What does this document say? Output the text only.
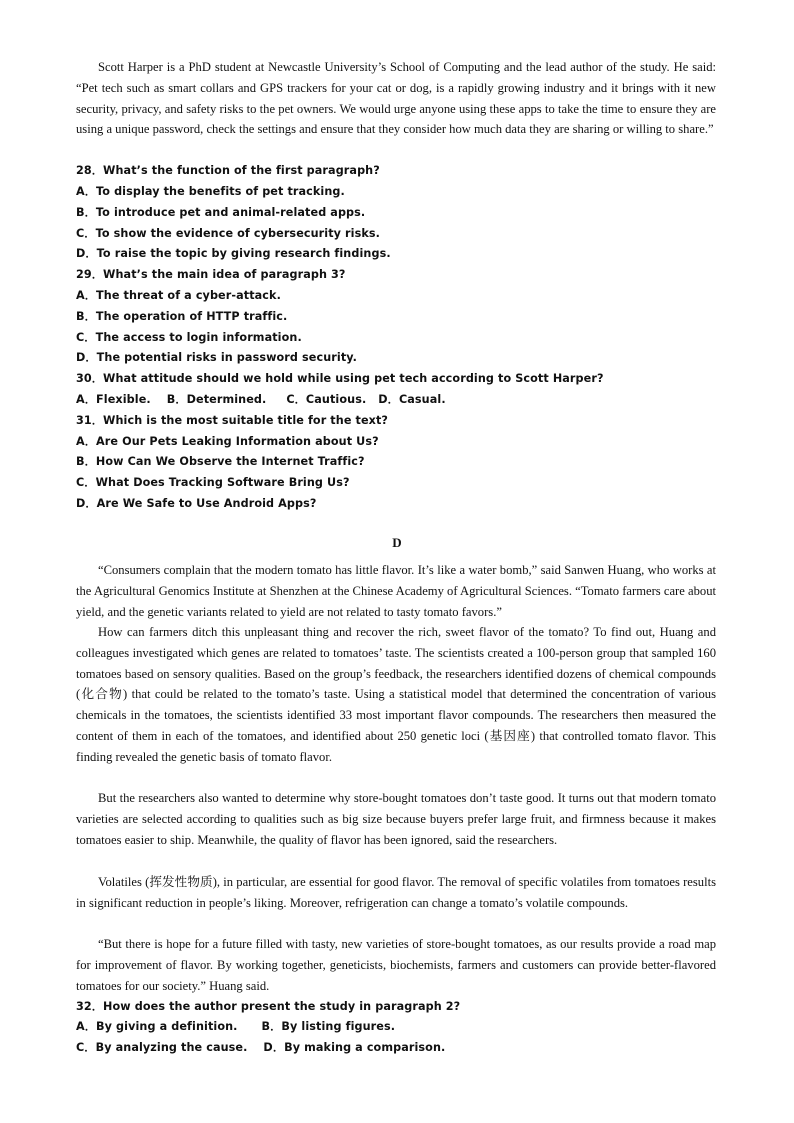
Scott Harper is a PhD student at Newcastle University’s School of Computing and the lead author of the study. He said: “Pet tech such as smart collars and GPS trackers for your cat or dog, is a rapidly growing industry and it brings with it new security, privacy, and safety risks to the pet owners. We would urge anyone using these apps to take the time to ensure they are using a unique password, check the settings and ensure that they consider how much data they are sharing or willing to share.”

28．What’s the function of the first paragraph?
A．To display the benefits of pet tracking.
B．To introduce pet and animal-related apps.
C．To show the evidence of cybersecurity risks.
D．To raise the topic by giving research findings.
29．What’s the main idea of paragraph 3?
A．The threat of a cyber-attack.
B．The operation of HTTP traffic.
C．The access to login information.
D．The potential risks in password security.
30．What attitude should we hold while using pet tech according to Scott Harper?
A．Flexible.    B．Determined.     C．Cautious.   D．Casual.
31．Which is the most suitable title for the text?
A．Are Our Pets Leaking Information about Us?
B．How Can We Observe the Internet Traffic?
C．What Does Tracking Software Bring Us?
D．Are We Safe to Use Android Apps?
D

“Consumers complain that the modern tomato has little flavor. It’s like a water bomb,” said Sanwen Huang, who works at the Agricultural Genomics Institute at Shenzhen at the Chinese Academy of Agricultural Sciences. “Tomato farmers care about yield, and the genetic variants related to yield are not related to tasty tomato favors.”

How can farmers ditch this unpleasant thing and recover the rich, sweet flavor of the tomato? To find out, Huang and colleagues investigated which genes are related to tomatoes’ taste. The scientists created a 100-person group that sampled 160 tomatoes based on sensory qualities. Based on the group’s feedback, the researchers identified dozens of chemical compounds (化合物) that could be related to the tomato’s taste. Using a statistical model that determined the concentration of various chemicals in the tomatoes, the scientists identified 33 most important flavor compounds. The researchers then measured the content of them in each of the tomatoes, and identified about 250 genetic loci (基因座) that controlled tomato flavor. This finding revealed the genetic basis of tomato flavor.

But the researchers also wanted to determine why store-bought tomatoes don’t taste good. It turns out that modern tomato varieties are selected according to qualities such as big size because buyers prefer large fruit, and firmness because it makes tomatoes easier to ship. Meanwhile, the quality of flavor has been ignored, said the researchers.

Volatiles (挥发性物质), in particular, are essential for good flavor. The removal of specific volatiles from tomatoes results in significant reduction in people’s liking. Moreover, refrigeration can change a tomato’s volatile compounds.

“But there is hope for a future filled with tasty, new varieties of store-bought tomatoes, as our results provide a road map for improvement of flavor. By working together, geneticists, biochemists, farmers and customers can provide better-flavored tomatoes for our society.” Huang said.

32．How does the author present the study in paragraph 2?
A．By giving a definition.      B．By listing figures.
C．By analyzing the cause.    D．By making a comparison.
